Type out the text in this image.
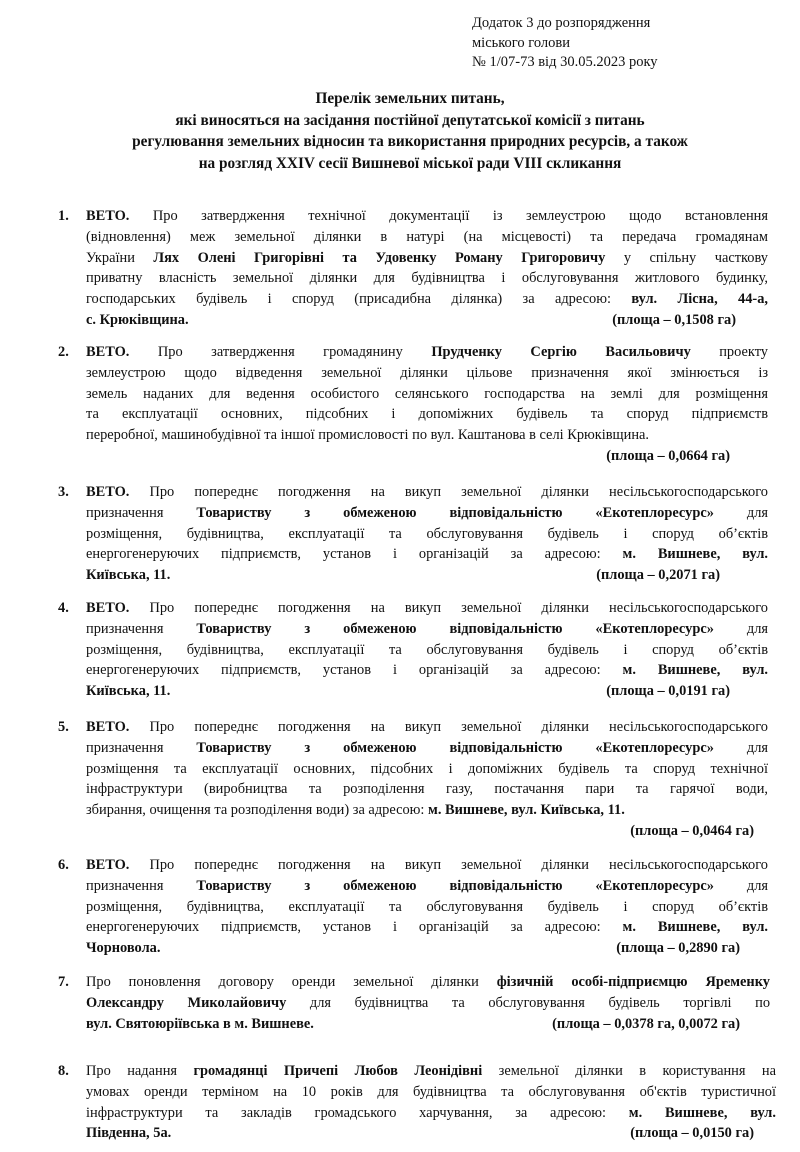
Додаток 3 до розпорядження
міського голови
№ 1/07-73 від 30.05.2023 року
Перелік земельних питань,
які виносяться на засідання постійної депутатської комісії з питань
регулювання земельних відносин та використання природних ресурсів, а також
на розгляд XXIV сесії Вишневої міської ради VIII скликання
1. ВЕТО. Про затвердження технічної документації із землеустрою щодо встановлення
(відновлення) меж земельної ділянки в натурі (на місцевості) та передача громадянам
України Лях Олені Григорівні та Удовенку Роману Григоровичу у спільну часткову
приватну власність земельної ділянки для будівництва і обслуговування житлового будинку,
господарських будівель і споруд (присадибна ділянка) за адресою: вул. Лісна, 44-а,
с. Крюківщина.	(площа – 0,1508 га)
2. ВЕТО. Про затвердження громадянину Прудченку Сергію Васильовичу проекту
землеустрою щодо відведення земельної ділянки цільове призначення якої змінюється із
земель наданих для ведення особистого селянського господарства на землі для розміщення
та експлуатації основних, підсобних і допоміжних будівель та споруд підприємств
переробної, машинобудівної та іншої промисловості по вул. Каштанова в селі Крюківщина.
(площа – 0,0664 га)
3. ВЕТО. Про попереднє погодження на викуп земельної ділянки несільськогосподарського
призначення Товариству з обмеженою відповідальністю «Екотеплоресурс» для
розміщення, будівництва, експлуатації та обслуговування будівель і споруд об’єктів
енергогенеруючих підприємств, установ і організацій за адресою: м. Вишневе, вул.
Київська, 11.	(площа – 0,2071 га)
4. ВЕТО. Про попереднє погодження на викуп земельної ділянки несільськогосподарського
призначення Товариству з обмеженою відповідальністю «Екотеплоресурс» для
розміщення, будівництва, експлуатації та обслуговування будівель і споруд об’єктів
енергогенеруючих підприємств, установ і організацій за адресою: м. Вишневе, вул.
Київська, 11.	(площа – 0,0191 га)
5. ВЕТО. Про попереднє погодження на викуп земельної ділянки несільськогосподарського
призначення Товариству з обмеженою відповідальністю «Екотеплоресурс» для
розміщення та експлуатації основних, підсобних і допоміжних будівель та споруд технічної
інфраструктури (виробництва та розподілення газу, постачання пари та гарячої води,
збирання, очищення та розподілення води) за адресою: м. Вишневе, вул. Київська, 11.
(площа – 0,0464 га)
6. ВЕТО. Про попереднє погодження на викуп земельної ділянки несільськогосподарського
призначення Товариству з обмеженою відповідальністю «Екотеплоресурс» для
розміщення, будівництва, експлуатації та обслуговування будівель і споруд об’єктів
енергогенеруючих підприємств, установ і організацій за адресою: м. Вишневе, вул.
Чорновола.	(площа – 0,2890 га)
7. Про поновлення договору оренди земельної ділянки фізичній особі-підприємцю Яременку
Олександру Миколайовичу для будівництва та обслуговування будівель торгівлі по
вул. Святоюріївська в м. Вишневе.	(площа – 0,0378 га, 0,0072 га)
8. Про надання громадянці Причепі Любов Леонідівні земельної ділянки в користування на
умовах оренди терміном на 10 років для будівництва та обслуговування об'єктів туристичної
інфраструктури та закладів громадського харчування, за адресою: м. Вишневе, вул.
Південна, 5а.	(площа – 0,0150 га)
